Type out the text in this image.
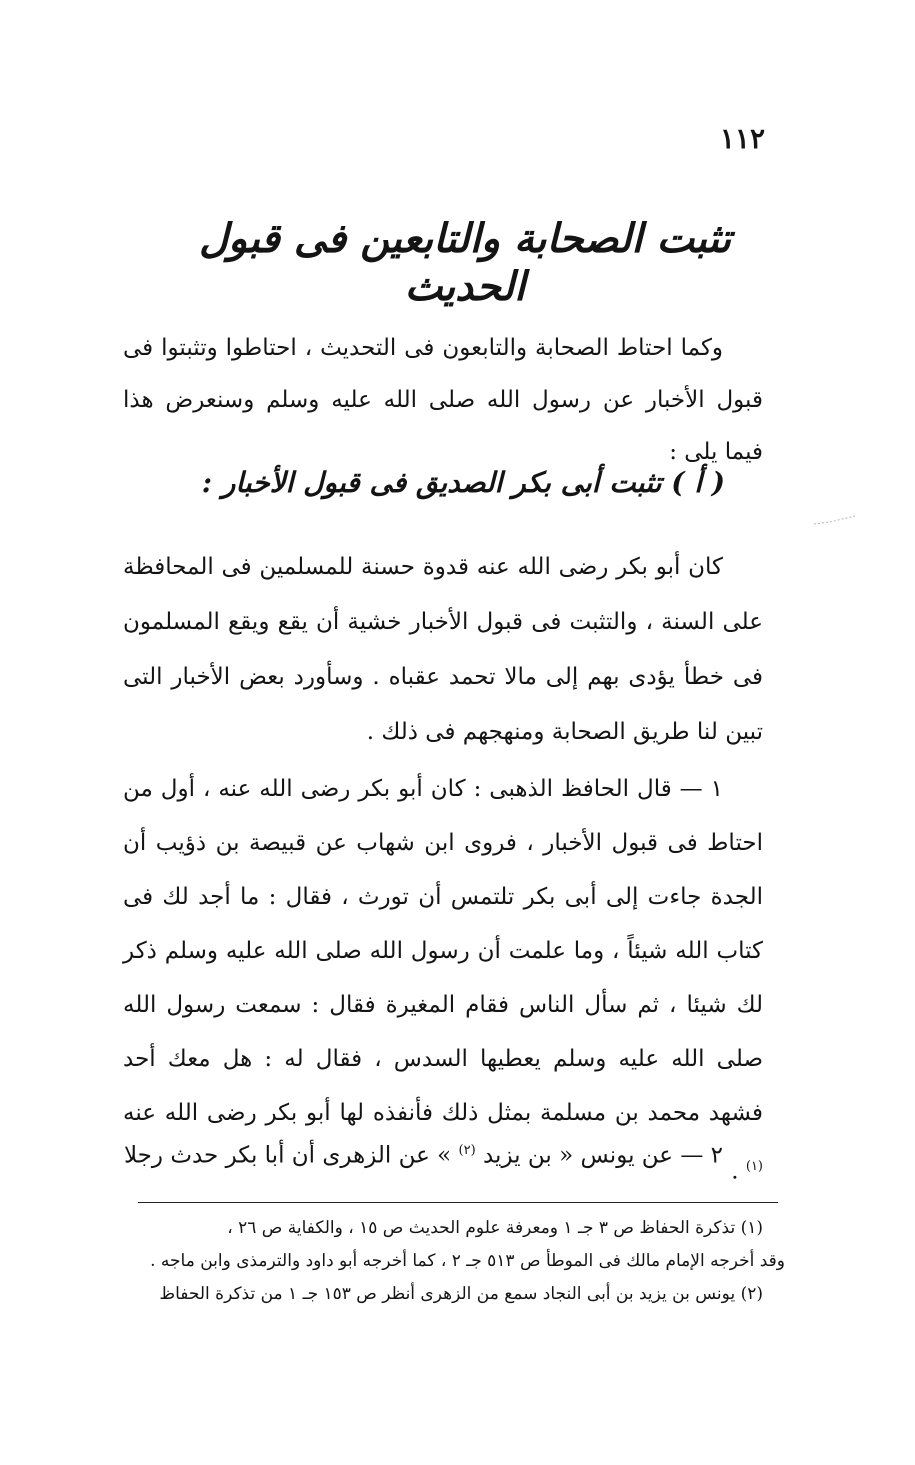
١١٢
تثبت الصحابة والتابعين فى قبول الحديث
وكما احتاط الصحابة والتابعون فى التحديث ، احتاطوا وتثبتوا فى قبول الأخبار عن رسول الله صلى الله عليه وسلم وسنعرض هذا فيما يلى :
( أ ) تثبت أبى بكر الصديق فى قبول الأخبار :
كان أبو بكر رضى الله عنه قدوة حسنة للمسلمين فى المحافظة على السنة ، والتثبت فى قبول الأخبار خشية أن يقع ويقع المسلمون فى خطأ يؤدى بهم إلى مالا تحمد عقباه . وسأورد بعض الأخبار التى تبين لنا طريق الصحابة ومنهجهم فى ذلك .
١ — قال الحافظ الذهبى : كان أبو بكر رضى الله عنه ، أول من احتاط فى قبول الأخبار ، فروى ابن شهاب عن قبيصة بن ذؤيب أن الجدة جاءت إلى أبى بكر تلتمس أن تورث ، فقال : ما أجد لك فى كتاب الله شيئاً ، وما علمت أن رسول الله صلى الله عليه وسلم ذكر لك شيئا ، ثم سأل الناس فقام المغيرة فقال : سمعت رسول الله صلى الله عليه وسلم يعطيها السدس ، فقال له : هل معك أحد فشهد محمد بن مسلمة بمثل ذلك فأنفذه لها أبو بكر رضى الله عنه $^{(١)}$ .
٢ — عن يونس « بن يزيد $^{(٢)}$ » عن الزهرى أن أبا بكر حدث رجلا
(١) تذكرة الحفاظ ص ٣ جـ ١ ومعرفة علوم الحديث ص ١٥ ، والكفاية ص ٢٦ ،
وقد أخرجه الإمام مالك فى الموطأ ص ٥١٣ جـ ٢ ، كما أخرجه أبو داود والترمذى وابن ماجه .
(٢) يونس بن يزيد بن أبى النجاد سمع من الزهرى أنظر ص ١٥٣ جـ ١ من تذكرة الحفاظ
